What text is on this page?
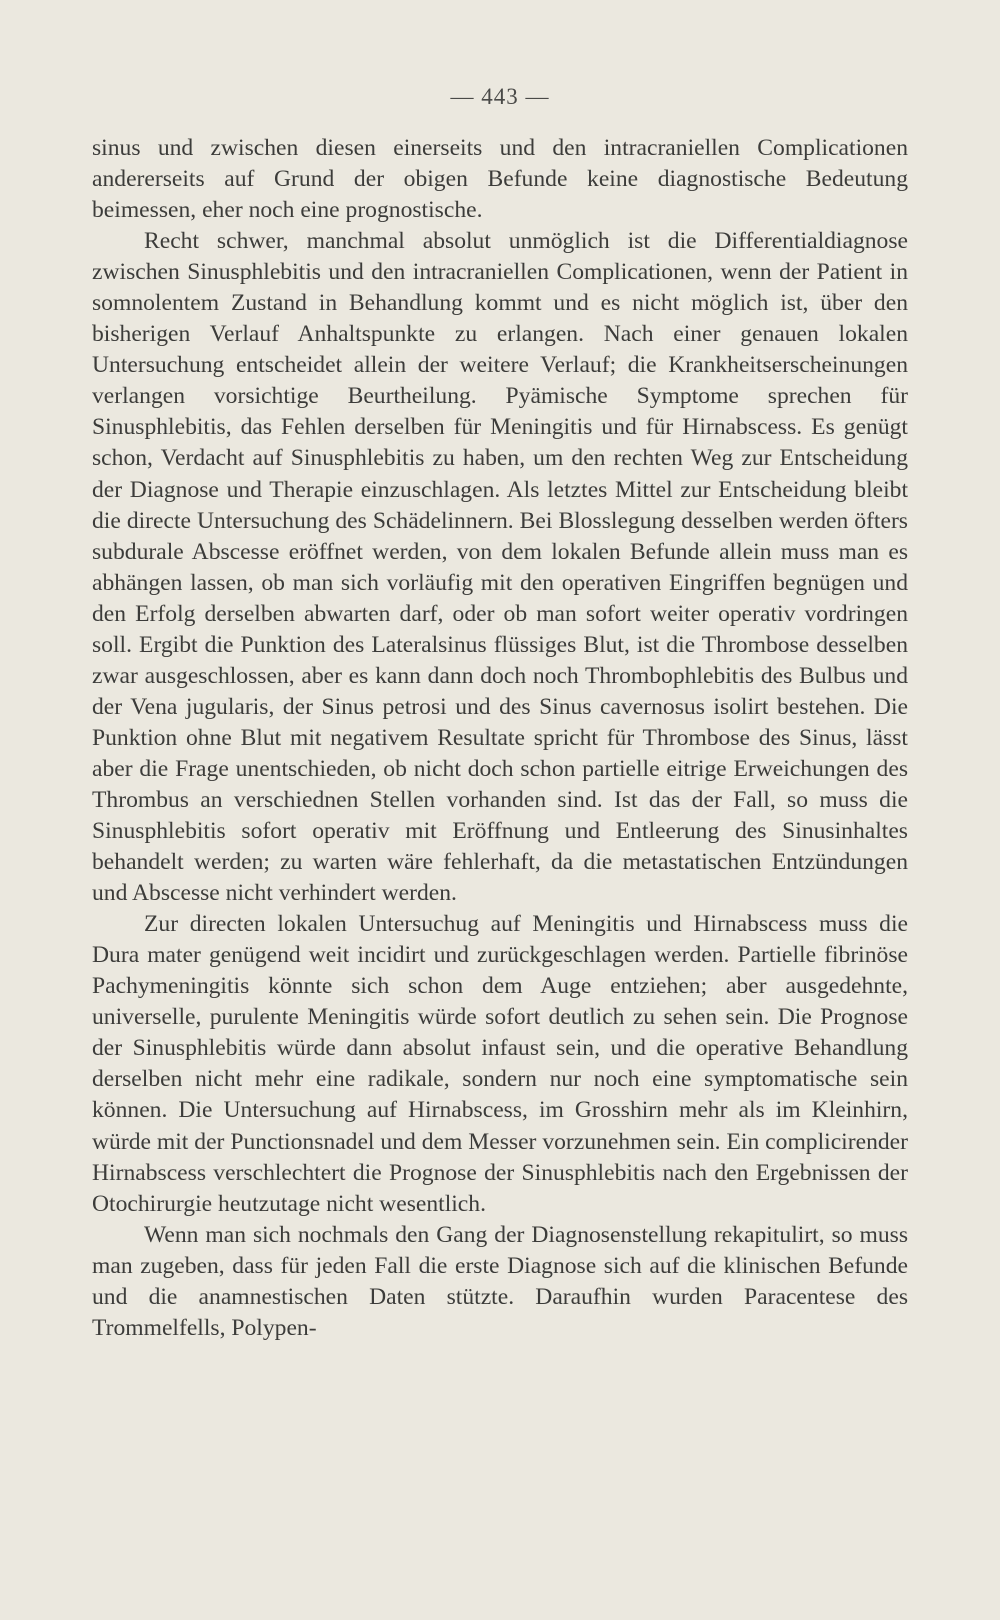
— 443 —

sinus und zwischen diesen einerseits und den intracraniellen Complicationen andererseits auf Grund der obigen Befunde keine diagnostische Bedeutung beimessen, eher noch eine prognostische.

Recht schwer, manchmal absolut unmöglich ist die Differentialdiagnose zwischen Sinusphlebitis und den intracraniellen Complicationen, wenn der Patient in somnolentem Zustand in Behandlung kommt und es nicht möglich ist, über den bisherigen Verlauf Anhaltspunkte zu erlangen. Nach einer genauen lokalen Untersuchung entscheidet allein der weitere Verlauf; die Krankheitserscheinungen verlangen vorsichtige Beurtheilung. Pyämische Symptome sprechen für Sinusphlebitis, das Fehlen derselben für Meningitis und für Hirnabscess. Es genügt schon, Verdacht auf Sinusphlebitis zu haben, um den rechten Weg zur Entscheidung der Diagnose und Therapie einzuschlagen. Als letztes Mittel zur Entscheidung bleibt die directe Untersuchung des Schädelinnern. Bei Blosslegung desselben werden öfters subdurale Abscesse eröffnet werden, von dem lokalen Befunde allein muss man es abhängen lassen, ob man sich vorläufig mit den operativen Eingriffen begnügen und den Erfolg derselben abwarten darf, oder ob man sofort weiter operativ vordringen soll. Ergibt die Punktion des Lateralsinus flüssiges Blut, ist die Thrombose desselben zwar ausgeschlossen, aber es kann dann doch noch Thrombophlebitis des Bulbus und der Vena jugularis, der Sinus petrosi und des Sinus cavernosus isolirt bestehen. Die Punktion ohne Blut mit negativem Resultate spricht für Thrombose des Sinus, lässt aber die Frage unentschieden, ob nicht doch schon partielle eitrige Erweichungen des Thrombus an verschiednen Stellen vorhanden sind. Ist das der Fall, so muss die Sinusphlebitis sofort operativ mit Eröffnung und Entleerung des Sinusinhaltes behandelt werden; zu warten wäre fehlerhaft, da die metastatischen Entzündungen und Abscesse nicht verhindert werden.

Zur directen lokalen Untersuchug auf Meningitis und Hirnabscess muss die Dura mater genügend weit incidirt und zurückgeschlagen werden. Partielle fibrinöse Pachymeningitis könnte sich schon dem Auge entziehen; aber ausgedehnte, universelle, purulente Meningitis würde sofort deutlich zu sehen sein. Die Prognose der Sinusphlebitis würde dann absolut infaust sein, und die operative Behandlung derselben nicht mehr eine radikale, sondern nur noch eine symptomatische sein können. Die Untersuchung auf Hirnabscess, im Grosshirn mehr als im Kleinhirn, würde mit der Punctionsnadel und dem Messer vorzunehmen sein. Ein complicirender Hirnabscess verschlechtert die Prognose der Sinusphlebitis nach den Ergebnissen der Otochirurgie heutzutage nicht wesentlich.

Wenn man sich nochmals den Gang der Diagnosenstellung rekapitulirt, so muss man zugeben, dass für jeden Fall die erste Diagnose sich auf die klinischen Befunde und die anamnestischen Daten stützte. Daraufhin wurden Paracentese des Trommelfells, Polypen-
